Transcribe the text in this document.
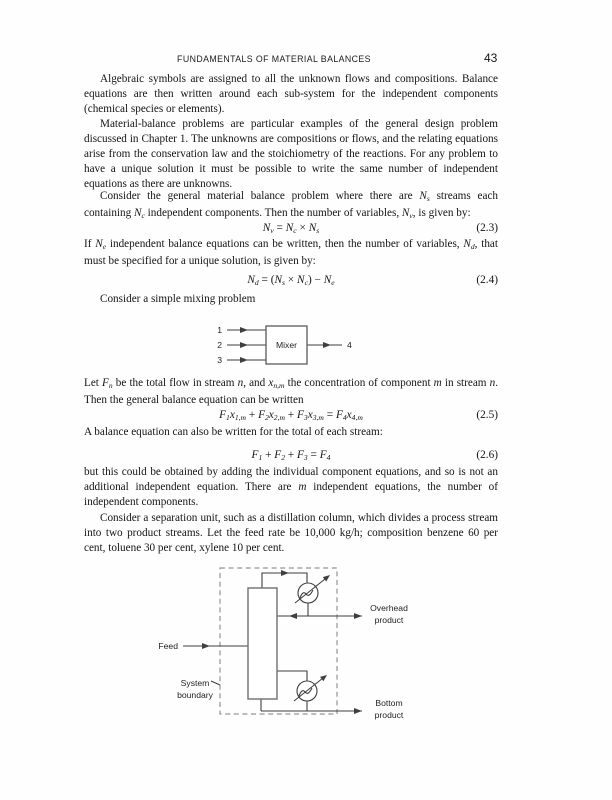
FUNDAMENTALS OF MATERIAL BALANCES	43

Algebraic symbols are assigned to all the unknown flows and compositions. Balance equations are then written around each sub-system for the independent components (chemical species or elements).

Material-balance problems are particular examples of the general design problem discussed in Chapter 1. The unknowns are compositions or flows, and the relating equations arise from the conservation law and the stoichiometry of the reactions. For any problem to have a unique solution it must be possible to write the same number of independent equations as there are unknowns.

Consider the general material balance problem where there are Ns streams each containing Nc independent components. Then the number of variables, Nv, is given by:

Nv = Nc × Ns	(2.3)

If Ne independent balance equations can be written, then the number of variables, Nd, that must be specified for a unique solution, is given by:

Nd = (Ns × Nc) − Ne	(2.4)

Consider a simple mixing problem

1
2
3
Mixer	4

Let Fn be the total flow in stream n, and xn,m the concentration of component m in stream n. Then the general balance equation can be written

F1x1,m + F2x2,m + F3x3,m = F4x4,m	(2.5)

A balance equation can also be written for the total of each stream:

F1 + F2 + F3 = F4	(2.6)

but this could be obtained by adding the individual component equations, and so is not an additional independent equation. There are m independent equations, the number of independent components.

Consider a separation unit, such as a distillation column, which divides a process stream into two product streams. Let the feed rate be 10,000 kg/h; composition benzene 60 per cent, toluene 30 per cent, xylene 10 per cent.

Feed
System
boundary
Overhead
product
Bottom
product
